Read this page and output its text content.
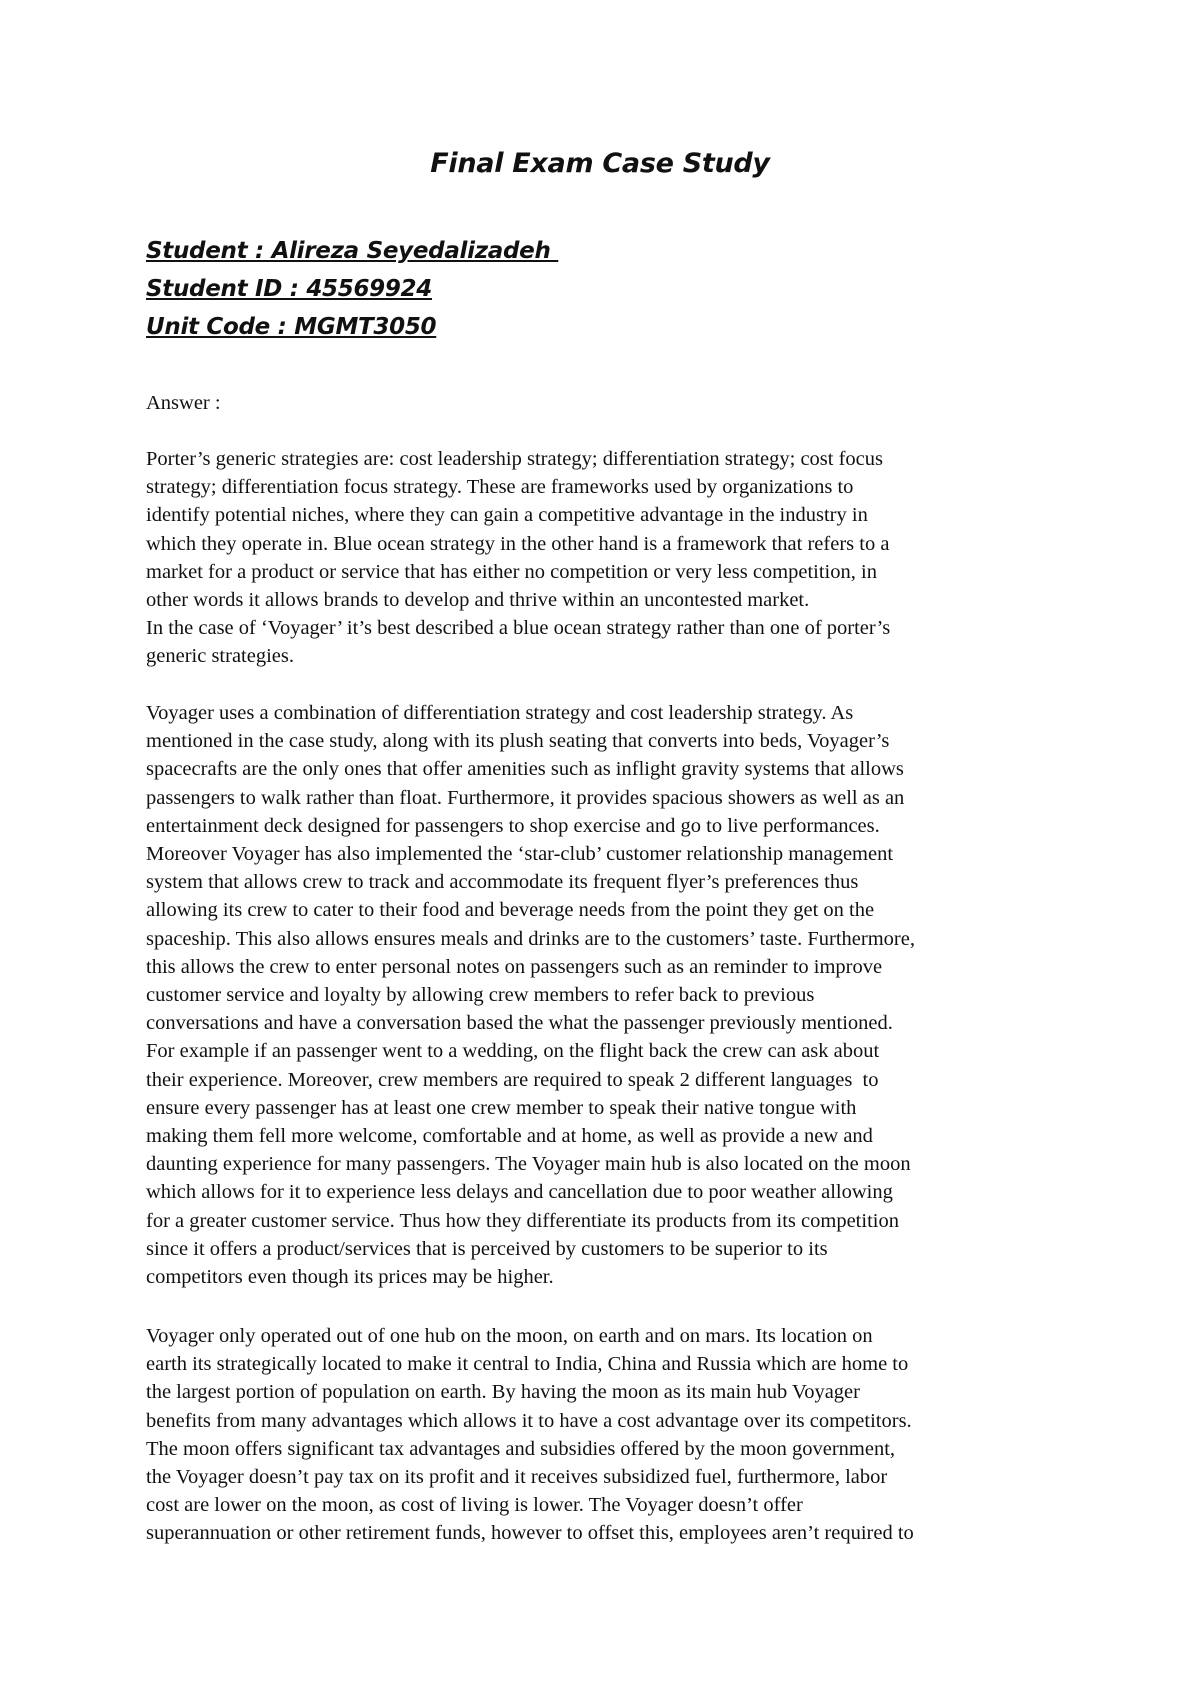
Final Exam Case Study
Student : Alireza Seyedalizadeh
Student ID : 45569924
Unit Code : MGMT3050
Answer :
Porter’s generic strategies are: cost leadership strategy; differentiation strategy; cost focus
strategy; differentiation focus strategy. These are frameworks used by organizations to
identify potential niches, where they can gain a competitive advantage in the industry in
which they operate in. Blue ocean strategy in the other hand is a framework that refers to a
market for a product or service that has either no competition or very less competition, in
other words it allows brands to develop and thrive within an uncontested market.
In the case of ‘Voyager’ it’s best described a blue ocean strategy rather than one of porter’s
generic strategies.
Voyager uses a combination of differentiation strategy and cost leadership strategy. As
mentioned in the case study, along with its plush seating that converts into beds, Voyager’s
spacecrafts are the only ones that offer amenities such as inflight gravity systems that allows
passengers to walk rather than float. Furthermore, it provides spacious showers as well as an
entertainment deck designed for passengers to shop exercise and go to live performances.
Moreover Voyager has also implemented the ‘star-club’ customer relationship management
system that allows crew to track and accommodate its frequent flyer’s preferences thus
allowing its crew to cater to their food and beverage needs from the point they get on the
spaceship. This also allows ensures meals and drinks are to the customers’ taste. Furthermore,
this allows the crew to enter personal notes on passengers such as an reminder to improve
customer service and loyalty by allowing crew members to refer back to previous
conversations and have a conversation based the what the passenger previously mentioned.
For example if an passenger went to a wedding, on the flight back the crew can ask about
their experience. Moreover, crew members are required to speak 2 different languages  to
ensure every passenger has at least one crew member to speak their native tongue with
making them fell more welcome, comfortable and at home, as well as provide a new and
daunting experience for many passengers. The Voyager main hub is also located on the moon
which allows for it to experience less delays and cancellation due to poor weather allowing
for a greater customer service. Thus how they differentiate its products from its competition
since it offers a product/services that is perceived by customers to be superior to its
competitors even though its prices may be higher.
Voyager only operated out of one hub on the moon, on earth and on mars. Its location on
earth its strategically located to make it central to India, China and Russia which are home to
the largest portion of population on earth. By having the moon as its main hub Voyager
benefits from many advantages which allows it to have a cost advantage over its competitors.
The moon offers significant tax advantages and subsidies offered by the moon government,
the Voyager doesn’t pay tax on its profit and it receives subsidized fuel, furthermore, labor
cost are lower on the moon, as cost of living is lower. The Voyager doesn’t offer
superannuation or other retirement funds, however to offset this, employees aren’t required to
